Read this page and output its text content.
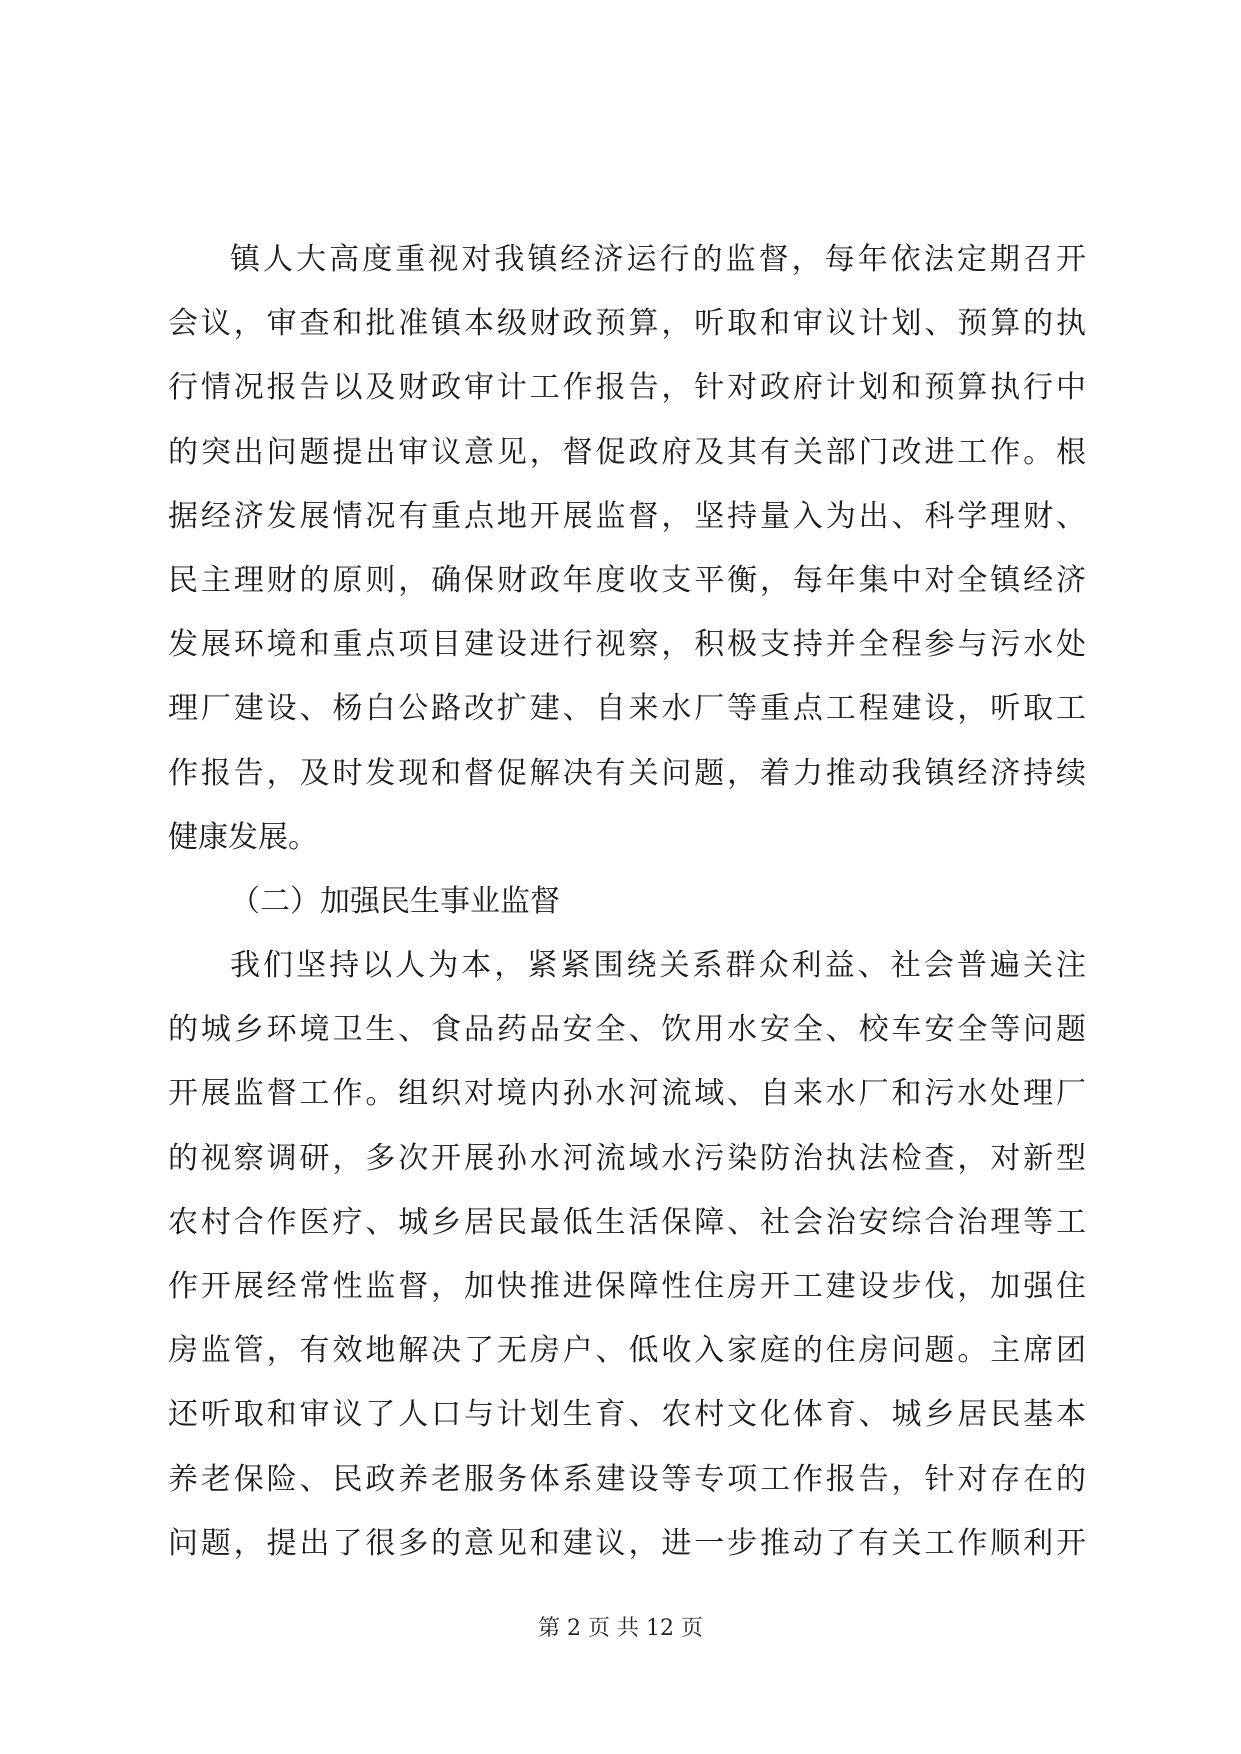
镇人大高度重视对我镇经济运行的监督，每年依法定期召开
会议，审查和批准镇本级财政预算，听取和审议计划、预算的执
行情况报告以及财政审计工作报告，针对政府计划和预算执行中
的突出问题提出审议意见，督促政府及其有关部门改进工作。根
据经济发展情况有重点地开展监督，坚持量入为出、科学理财、
民主理财的原则，确保财政年度收支平衡，每年集中对全镇经济
发展环境和重点项目建设进行视察，积极支持并全程参与污水处
理厂建设、杨白公路改扩建、自来水厂等重点工程建设，听取工
作报告，及时发现和督促解决有关问题，着力推动我镇经济持续
健康发展。
（二）加强民生事业监督
我们坚持以人为本，紧紧围绕关系群众利益、社会普遍关注
的城乡环境卫生、食品药品安全、饮用水安全、校车安全等问题
开展监督工作。组织对境内孙水河流域、自来水厂和污水处理厂
的视察调研，多次开展孙水河流域水污染防治执法检查，对新型
农村合作医疗、城乡居民最低生活保障、社会治安综合治理等工
作开展经常性监督，加快推进保障性住房开工建设步伐，加强住
房监管，有效地解决了无房户、低收入家庭的住房问题。主席团
还听取和审议了人口与计划生育、农村文化体育、城乡居民基本
养老保险、民政养老服务体系建设等专项工作报告，针对存在的
问题，提出了很多的意见和建议，进一步推动了有关工作顺利开
第 2 页 共 12 页
